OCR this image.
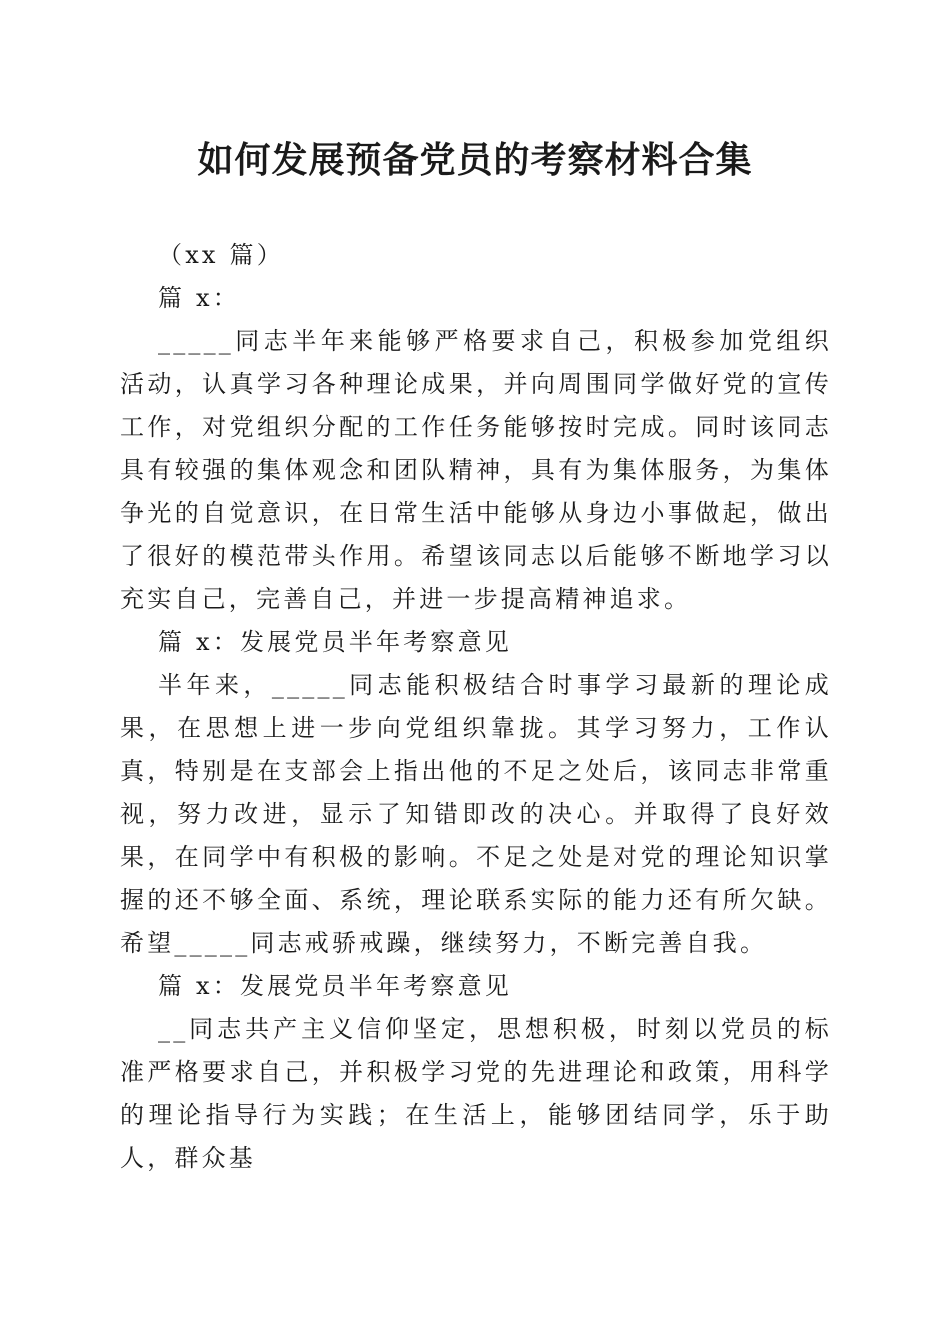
如何发展预备党员的考察材料合集

（xx 篇）

篇 x：

_____同志半年来能够严格要求自己，积极参加党组织活动，认真学习各种理论成果，并向周围同学做好党的宣传工作，对党组织分配的工作任务能够按时完成。同时该同志具有较强的集体观念和团队精神，具有为集体服务，为集体争光的自觉意识，在日常生活中能够从身边小事做起，做出了很好的模范带头作用。希望该同志以后能够不断地学习以充实自己，完善自己，并进一步提高精神追求。

篇 x：发展党员半年考察意见

半年来，_____同志能积极结合时事学习最新的理论成果，在思想上进一步向党组织靠拢。其学习努力，工作认真，特别是在支部会上指出他的不足之处后，该同志非常重视，努力改进，显示了知错即改的决心。并取得了良好效果，在同学中有积极的影响。不足之处是对党的理论知识掌握的还不够全面、系统，理论联系实际的能力还有所欠缺。希望_____同志戒骄戒躁，继续努力，不断完善自我。

篇 x：发展党员半年考察意见

__同志共产主义信仰坚定，思想积极，时刻以党员的标准严格要求自己，并积极学习党的先进理论和政策，用科学的理论指导行为实践；在生活上，能够团结同学，乐于助人，群众基
